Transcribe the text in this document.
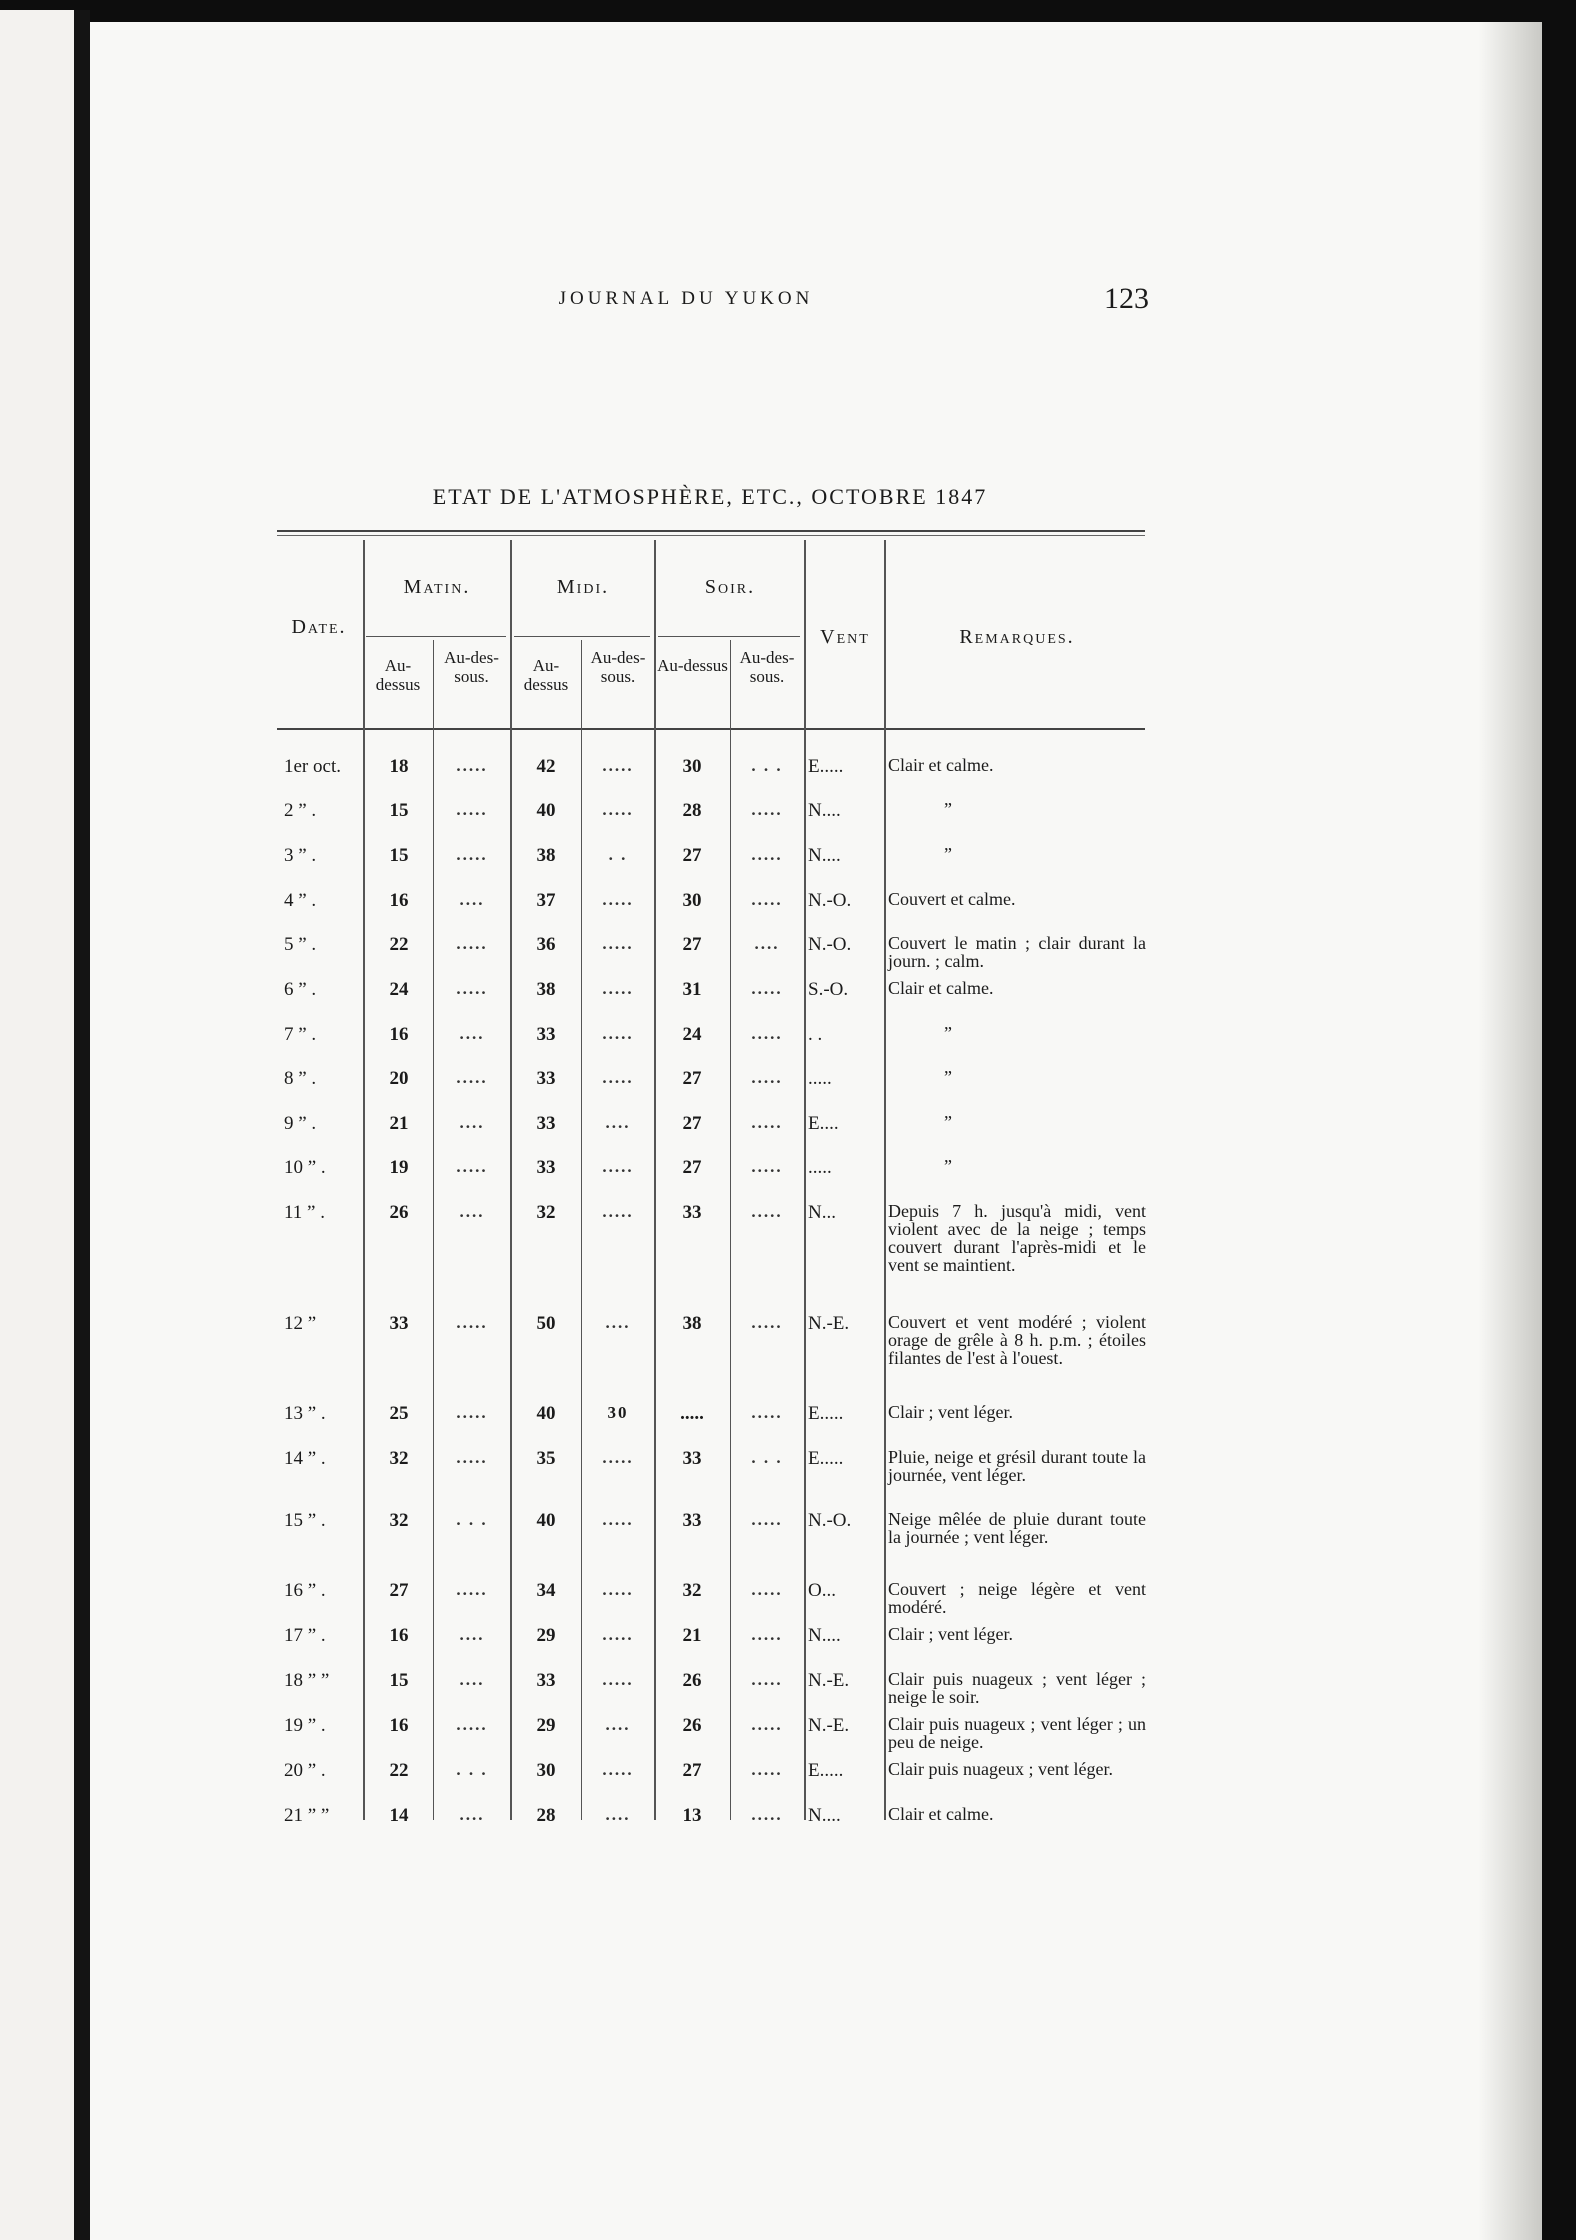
JOURNAL DU YUKON	123
ETAT DE L'ATMOSPHÈRE, ETC., OCTOBRE 1847
Date.
Matin.	Midi.	Soir.
Vent	Remarques.
Au-dessus
Au-des-sous.
Au-dessus
Au-des-sous.
Au-dessus Au-des-sous.
1er oct.	18	.....	42	.....	30	. . .	E.....	Clair et calme.
2 ” .	15	.....	40	.....	28	.....	N....	”
3 ” .	15	.....	38	. .	27	.....	N....	”
4 ” .	16	....	37	.....	30	.....	N.-O.	Couvert et calme.
5 ” .	22	.....	36	.....	27	....	N.-O.	Couvert le matin ; clair durant la journ. ; calm.
6 ” .	24	.....	38	.....	31	.....	S.-O.	Clair et calme.
7 ” .	16	....	33	.....	24	.....	. .	”
8 ” .	20	.....	33	.....	27	.....	.....	”
9 ” .	21	....	33	....	27	.....	E....	”
10 ” .	19	.....	33	.....	27	.....	.....	”
11 ” .	26	....	32	.....	33	.....	N...	Depuis 7 h. jusqu'à midi, vent violent avec de la neige ; temps couvert durant l'après-midi et le vent se maintient.
12 ”	33	.....	50	....	38	.....	N.-E.	Couvert et vent modéré ; violent orage de grêle à 8 h. p.m. ; étoiles filantes de l'est à l'ouest.
13 ” .	25	.....	40	30	.....	.....	E.....	Clair ; vent léger.
14 ” .	32	.....	35	.....	33	. . .	E.....	Pluie, neige et grésil durant toute la journée, vent léger.
15 ” .	32	. . .	40	.....	33	.....	N.-O.	Neige mêlée de pluie durant toute la journée ; vent léger.
16 ” .	27	.....	34	.....	32	.....	O...	Couvert ; neige légère et vent modéré.
17 ” .	16	....	29	.....	21	.....	N....	Clair ; vent léger.
18 ” ”	15	....	33	.....	26	.....	N.-E.	Clair puis nuageux ; vent léger ; neige le soir.
19 ” .	16	.....	29	....	26	.....	N.-E.	Clair puis nuageux ; vent léger ; un peu de neige.
20 ” .	22	. . .	30	.....	27	.....	E.....	Clair puis nuageux ; vent léger.
21 ” ”	14	....	28	....	13	.....	N....	Clair et calme.
